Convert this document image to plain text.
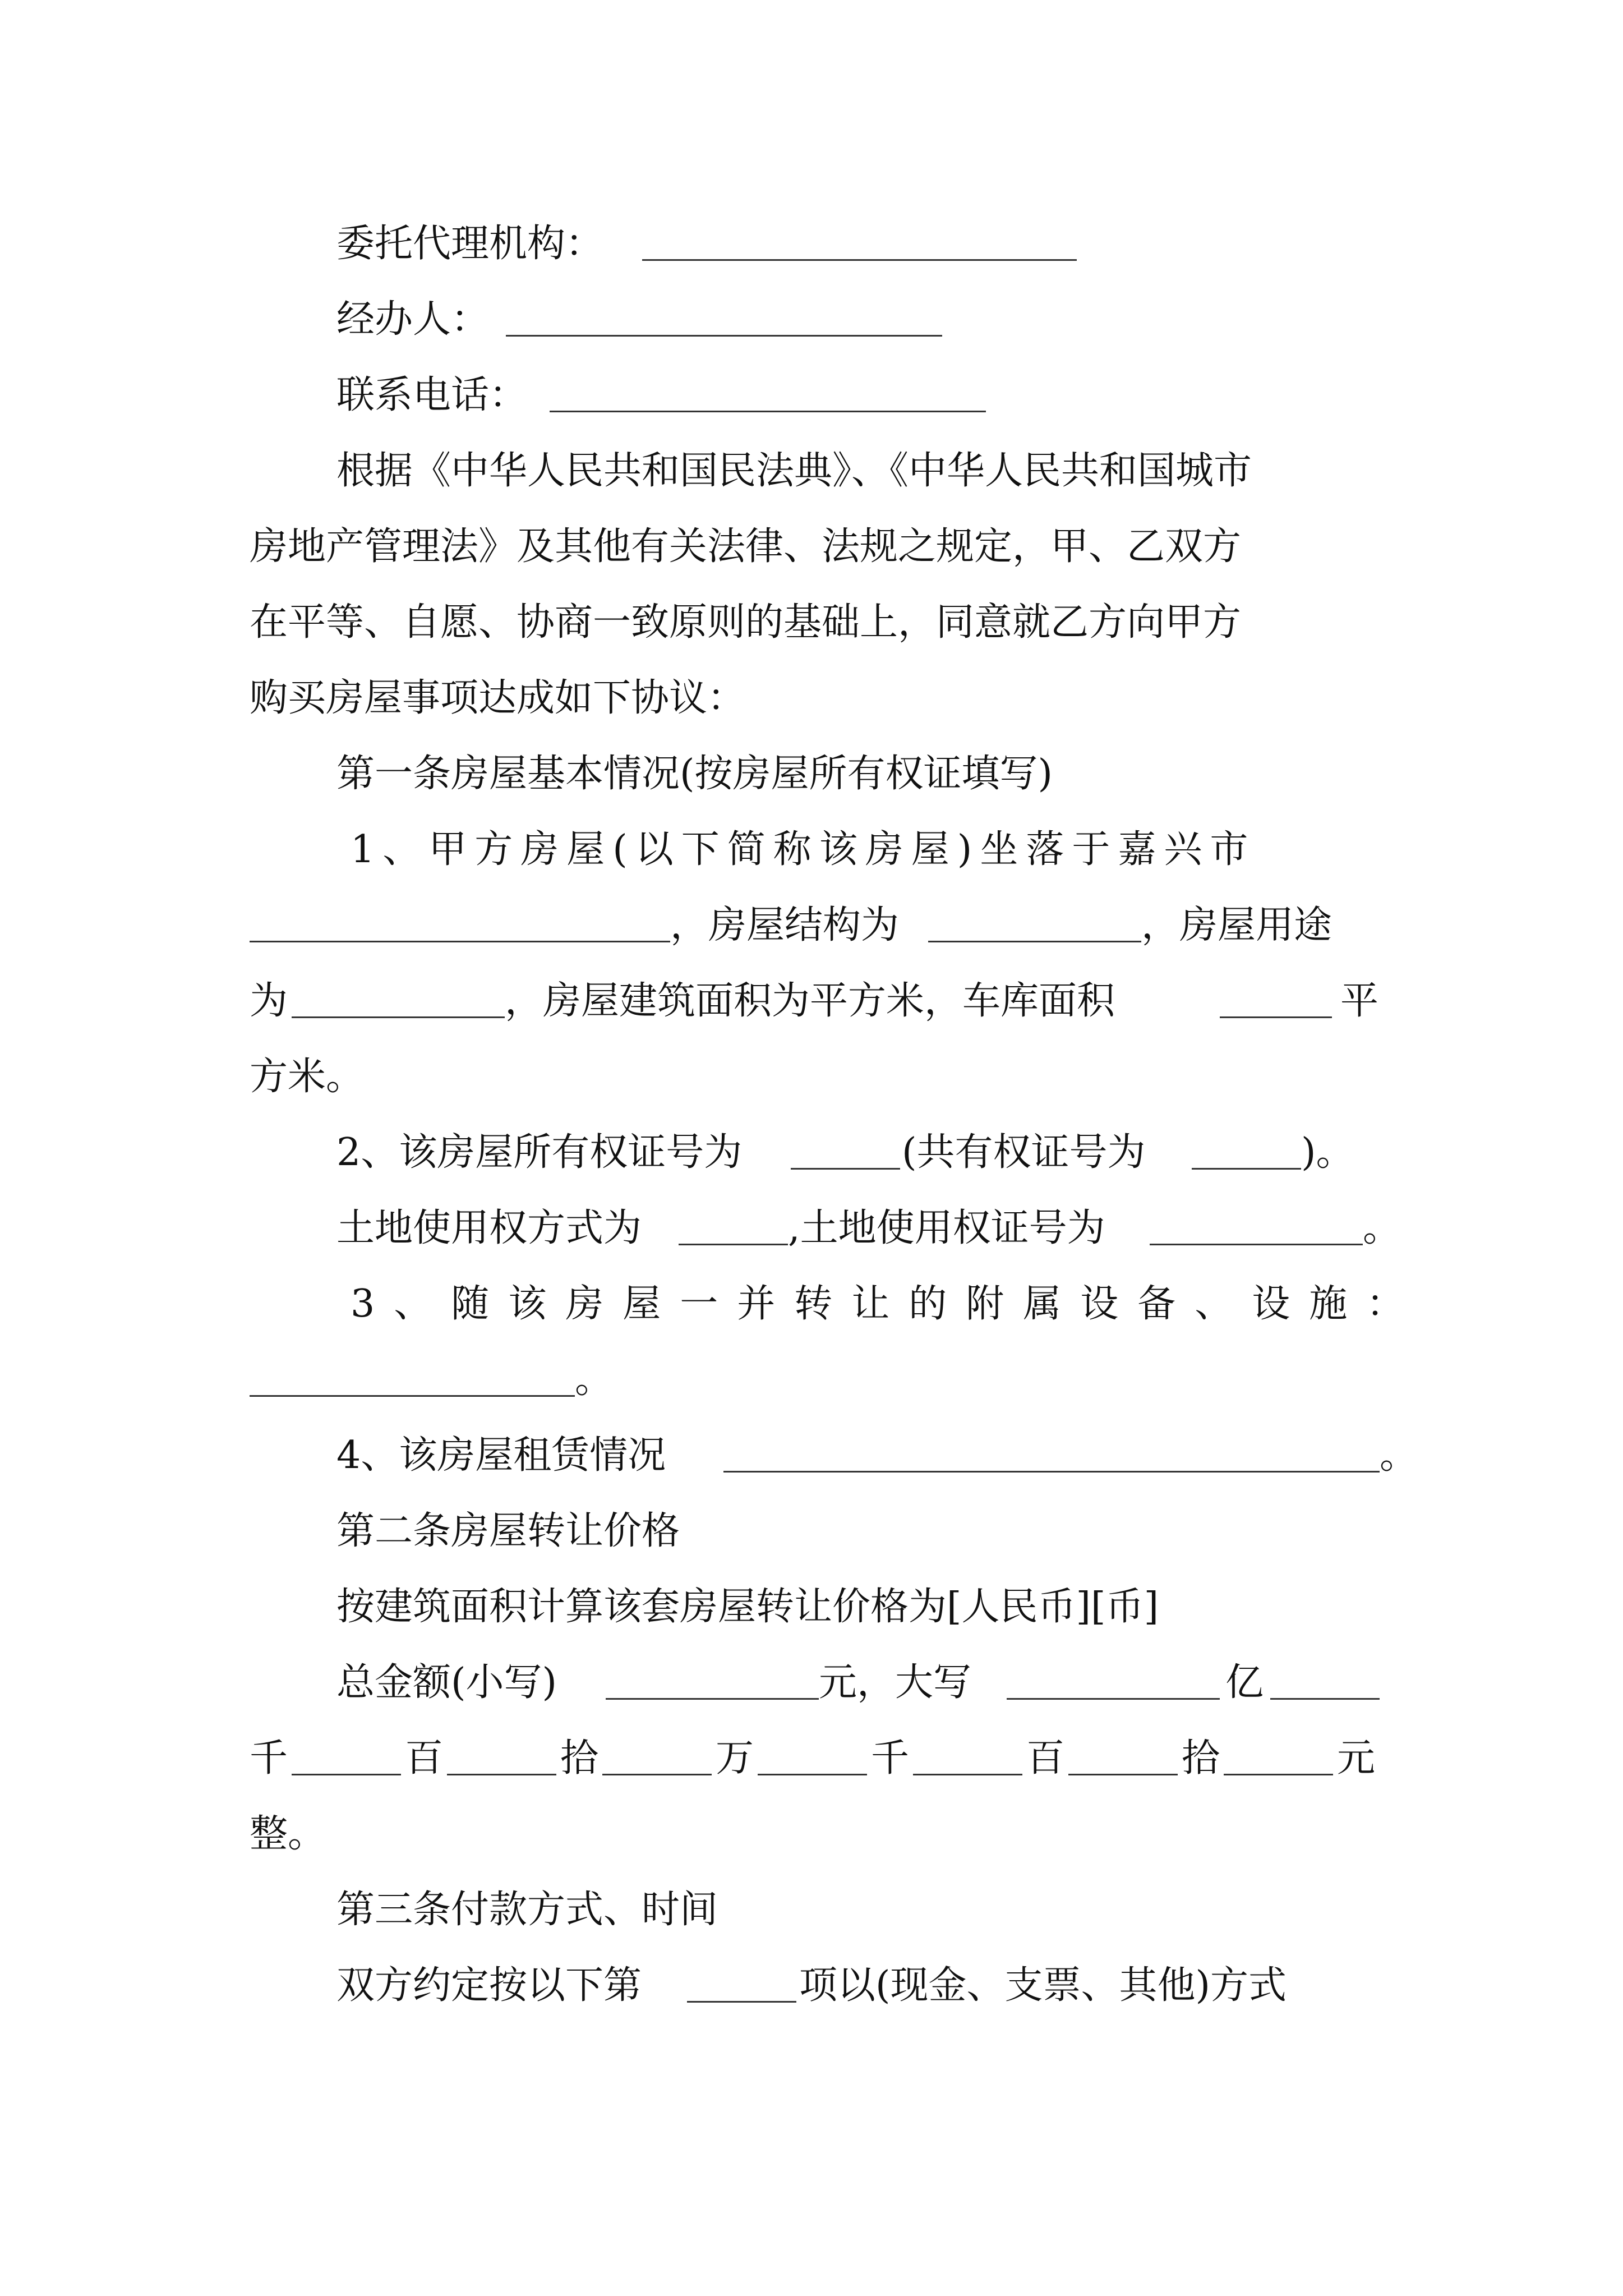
委托代理机构：
经办人：
联系电话：
根据《中华人民共和国民法典》、《中华人民共和国城市
房地产管理法》及其他有关法律、法规之规定，甲、乙双方
在平等、自愿、协商一致原则的基础上，同意就乙方向甲方
购买房屋事项达成如下协议：
第一条房屋基本情况(按房屋所有权证填写)
1、甲方房屋(以下简称该房屋)坐落于嘉兴市
，房屋结构为	，房屋用途
为	，房屋建筑面积为平方米，车库面积	平
方米。
2、该房屋所有权证号为	(共有权证号为	)。
土地使用权方式为	,土地使用权证号为	。
3、随该房屋一并转让的附属设备、设施：
。
4、该房屋租赁情况	。
第二条房屋转让价格
按建筑面积计算该套房屋转让价格为[人民币][币]
总金额(小写)	元，大写	亿
千	百	拾	万	千	百	拾	元
整。
第三条付款方式、时间
双方约定按以下第	项以(现金、支票、其他)方式
